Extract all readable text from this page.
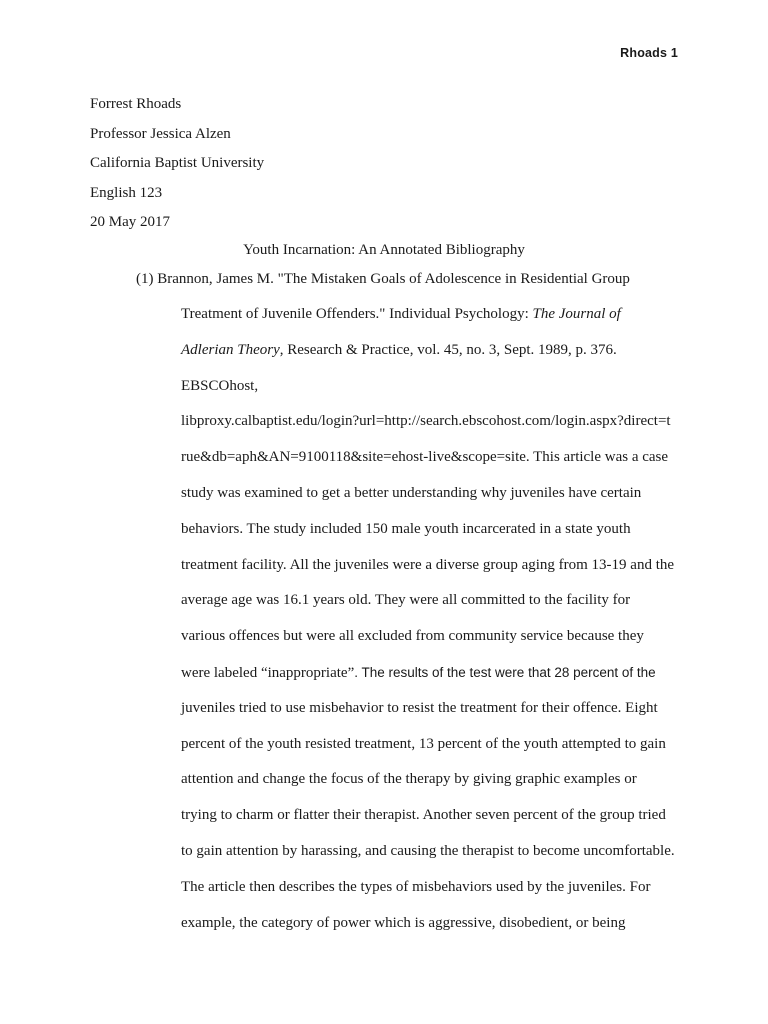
Rhoads 1
Forrest Rhoads
Professor Jessica Alzen
California Baptist University
English 123
20 May 2017
Youth Incarnation: An Annotated Bibliography
(1) Brannon, James M. "The Mistaken Goals of Adolescence in Residential Group
Treatment of Juvenile Offenders." Individual Psychology: The Journal of
Adlerian Theory, Research & Practice, vol. 45, no. 3, Sept. 1989, p. 376.
EBSCOhost,
libproxy.calbaptist.edu/login?url=http://search.ebscohost.com/login.aspx?direct=t
rue&db=aph&AN=9100118&site=ehost-live&scope=site. This article was a case
study was examined to get a better understanding why juveniles have certain
behaviors. The study included 150 male youth incarcerated in a state youth
treatment facility. All the juveniles were a diverse group aging from 13-19 and the
average age was 16.1 years old. They were all committed to the facility for
various offences but were all excluded from community service because they
were labeled “inappropriate”. The results of the test were that 28 percent of the
juveniles tried to use misbehavior to resist the treatment for their offence. Eight
percent of the youth resisted treatment, 13 percent of the youth attempted to gain
attention and change the focus of the therapy by giving graphic examples or
trying to charm or flatter their therapist. Another seven percent of the group tried
to gain attention by harassing, and causing the therapist to become uncomfortable.
The article then describes the types of misbehaviors used by the juveniles. For
example, the category of power which is aggressive, disobedient, or being
